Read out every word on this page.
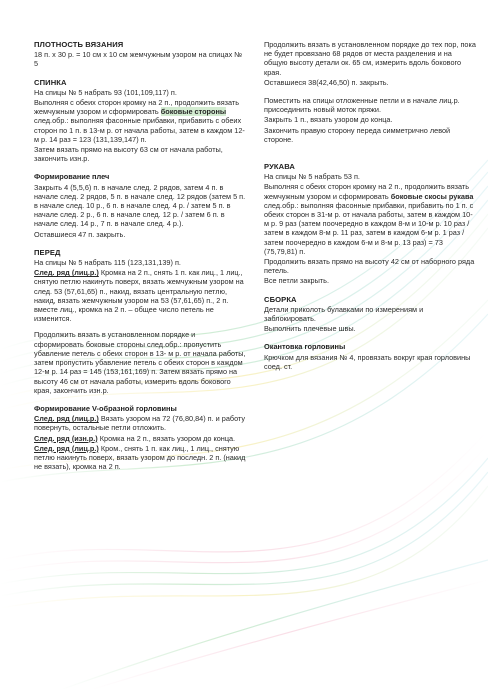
ПЛОТНОСТЬ ВЯЗАНИЯ
18 п. х 30 р. = 10 см х 10 см жемчужным узором на спицах № 5
СПИНКА
На спицы № 5 набрать 93 (101,109,117) п.
Выполняя с обеих сторон кромку на 2 п., продолжить вязать жемчужным узором и сформировать боковые стороны след.обр.: выполняя фасонные прибавки, прибавить с обеих сторон по 1 п. в 13-м р. от начала работы, затем в каждом 12-м р. 14 раз = 123 (131,139,147) п.
Затем вязать прямо на высоту 63 см от начала работы, закончить изн.р.
Формирование плеч
Закрыть 4 (5,5,6) п. в начале след. 2 рядов, затем 4 п. в начале след. 2 рядов, 5 п. в начале след. 12 рядов (затем 5 п. в начале след. 10 р., 6 п. в начале след. 4 р. / затем 5 п. в начале след. 2 р., 6 п. в начале след. 12 р. / затем 6 п. в начале след. 14 р., 7 п. в начале след. 4 р.).
Оставшиеся 47 п. закрыть.
ПЕРЕД
На спицы № 5 набрать 115 (123,131,139) п.
След. ряд (лиц.р.) Кромка на 2 п., снять 1 п. как лиц., 1 лиц., снятую петлю накинуть поверх, вязать жемчужным узором на след. 53 (57,61,65) п., накид, вязать центральную петлю, накид, вязать жемчужным узором на 53 (57,61,65) п., 2 п. вместе лиц., кромка на 2 п. – общее число петель не изменится.
Продолжить вязать в установленном порядке и сформировать боковые стороны след.обр.: пропустить убавление петель с обеих сторон в 13- м р. от начала работы, затем пропустить убавление петель с обеих сторон в каждом 12-м р. 14 раз = 145 (153,161,169) п. Затем вязать прямо на высоту 46 см от начала работы, измерить вдоль бокового края, закончить изн.р.
Формирование V-образной горловины
След. ряд (лиц.р.) Вязать узором на 72 (76,80,84) п. и работу повернуть, остальные петли отложить.
След. ряд (изн.р.) Кромка на 2 п., вязать узором до конца.
След. ряд (лиц.р.) Кром., снять 1 п. как лиц., 1 лиц., снятую петлю накинуть поверх, вязать узором до последн. 2 п. (накид не вязать), кромка на 2 п.
Продолжить вязать в установленном порядке до тех пор, пока не будет провязано 68 рядов от места разделения и на общую высоту детали ок. 65 см, измерить вдоль бокового края.
Оставшиеся 38(42,46,50) п. закрыть.
Поместить на спицы отложенные петли и в начале лиц.р. присоединить новый моток пряжи.
Закрыть 1 п., вязать узором до конца.
Закончить правую сторону переда симметрично левой стороне.
РУКАВА
На спицы № 5 набрать 53 п.
Выполняя с обеих сторон кромку на 2 п., продолжить вязать жемчужным узором и сформировать боковые скосы рукава след.обр.: выполняя фасонные прибавки, прибавить по 1 п. с обеих сторон в 31-м р. от начала работы, затем в каждом 10-м р. 9 раз (затем поочередно в каждом 8-м и 10-м р. 10 раз / затем в каждом 8-м р. 11 раз, затем в каждом 6-м р. 1 раз / затем поочередно в каждом 6-м и 8-м р. 13 раз) = 73 (75,79,81) п.
Продолжить вязать прямо на высоту 42 см от наборного ряда петель.
Все петли закрыть.
СБОРКА
Детали приколоть булавками по измерениям и заблокировать.
Выполнить плечевые швы.
Окантовка горловины
Крючком для вязания № 4, провязать вокруг края горловины соед. ст.
